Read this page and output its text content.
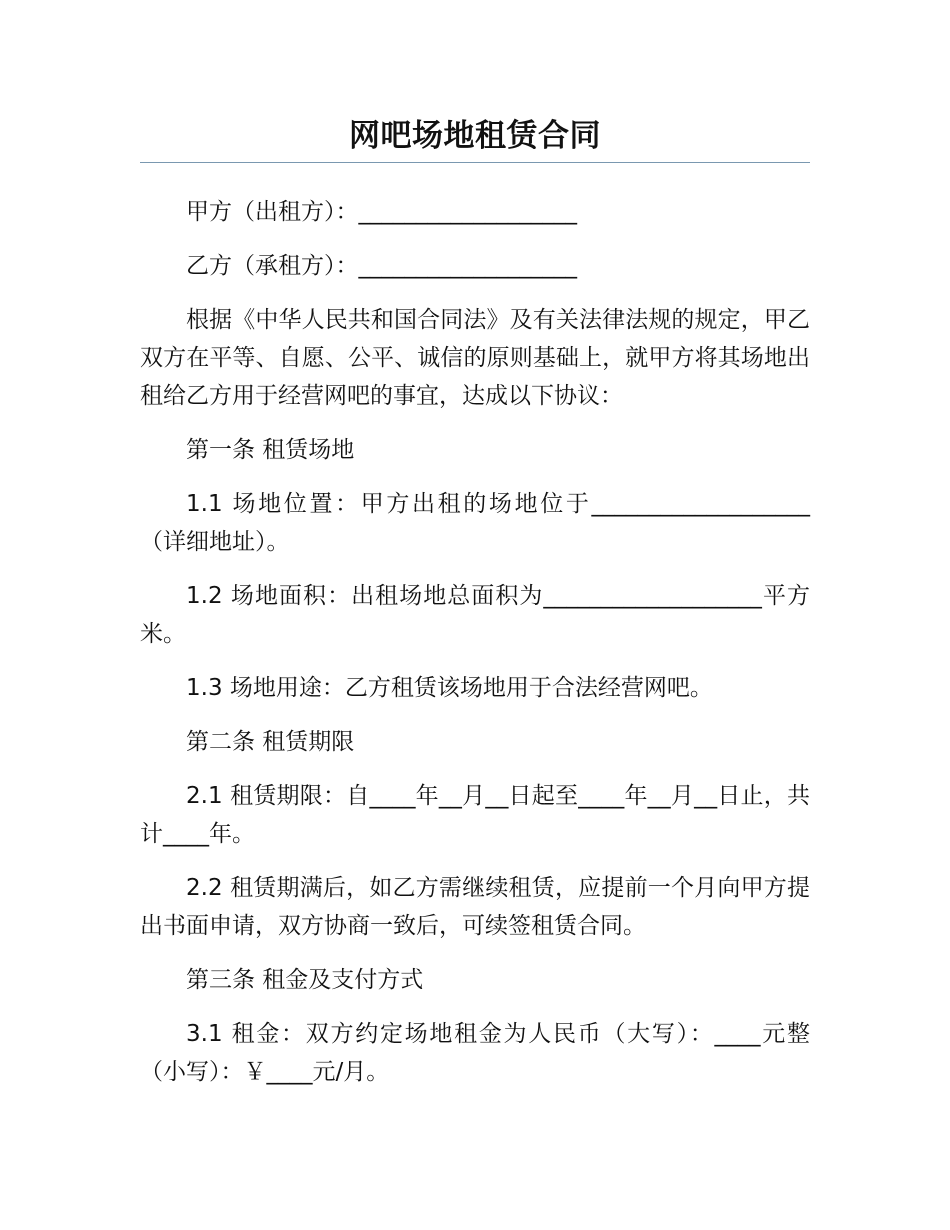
网吧场地租赁合同

甲方（出租方）：___________________

乙方（承租方）：___________________

根据《中华人民共和国合同法》及有关法律法规的规定，甲乙双方在平等、自愿、公平、诚信的原则基础上，就甲方将其场地出租给乙方用于经营网吧的事宜，达成以下协议：

第一条 租赁场地

1.1 场地位置：甲方出租的场地位于___________________（详细地址）。

1.2 场地面积：出租场地总面积为___________________平方米。

1.3 场地用途：乙方租赁该场地用于合法经营网吧。

第二条 租赁期限

2.1 租赁期限：自____年__月__日起至____年__月__日止，共计____年。

2.2 租赁期满后，如乙方需继续租赁，应提前一个月向甲方提出书面申请，双方协商一致后，可续签租赁合同。

第三条 租金及支付方式

3.1 租金：双方约定场地租金为人民币（大写）：____元整（小写）：￥____元/月。
